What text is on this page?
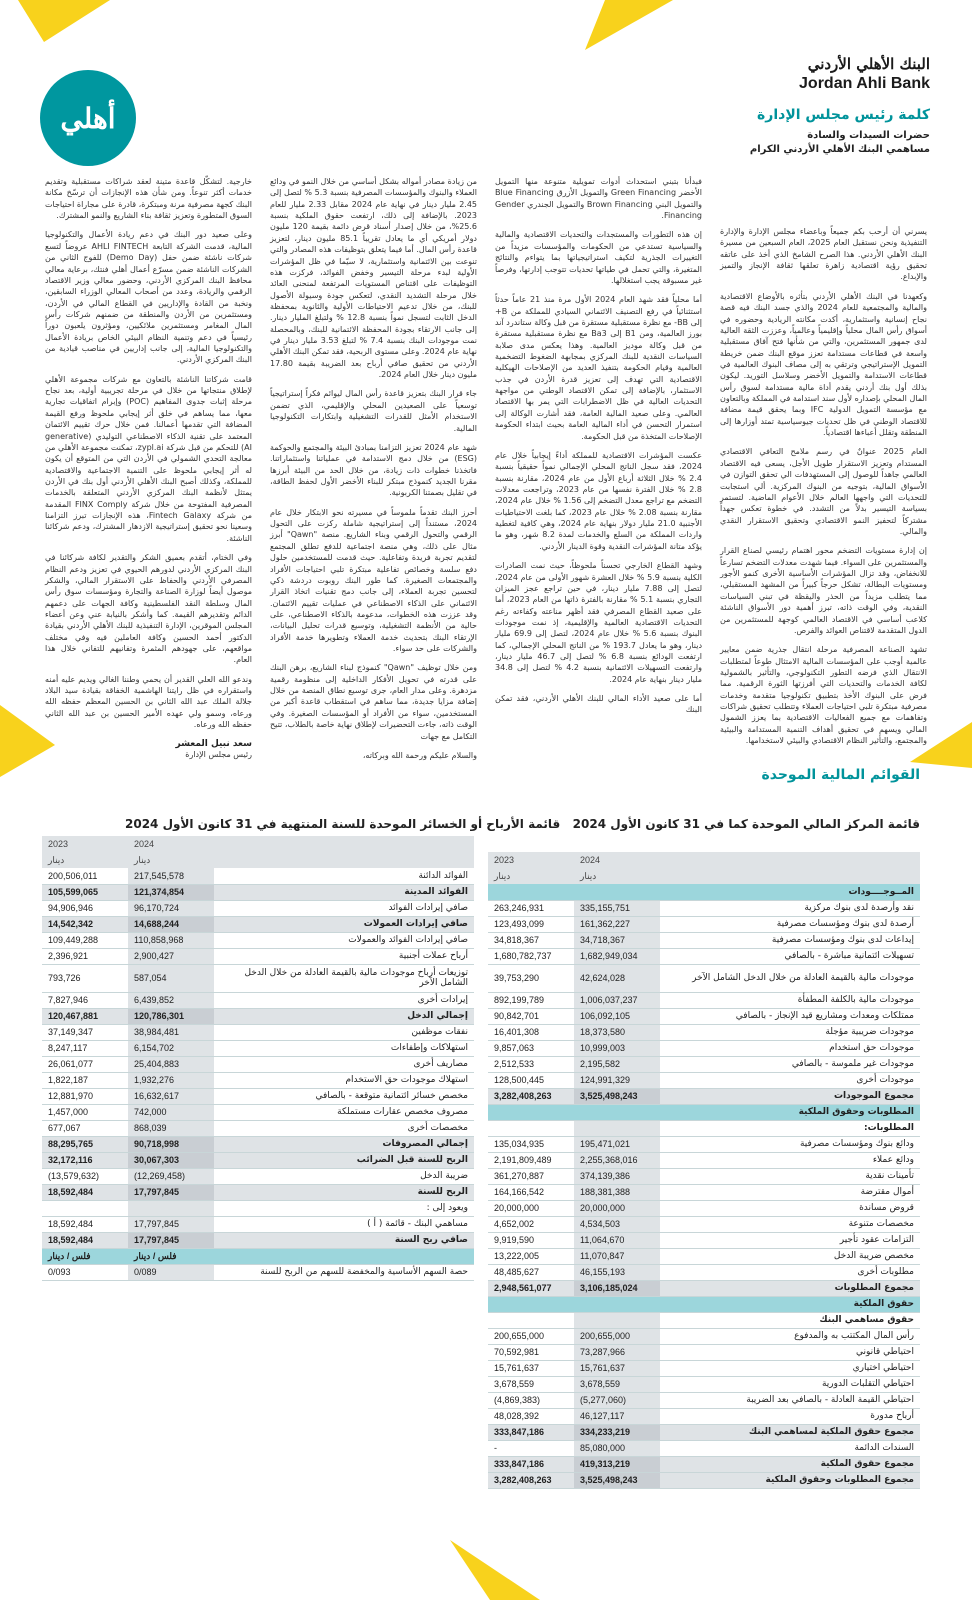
أهلي
البنك الأهلي الأردني
Jordan Ahli Bank
كلمة رئيس مجلس الإدارة
حضرات السيدات والسادة
مساهمي البنك الأهلي الأردني الكرام

يسرني أن أرحب بكم جميعاً وباعضاء مجلس الإدارة والإدارة التنفيذية ونحن نستقبل العام 2025، العام السبعين من مسيرة البنك الأهلي الأردني. هذا الصرح الشامخ الذي أخذ على عاتقه تحقيق رؤية اقتصادية زاهرة تعلقها ثقافة الإنجاز والتميز والإبداع.

وكعهدنا في البنك الأهلي الأردني بتأثره بالأوضاع الاقتصادية والمالية والمجتمعية للعام 2024 والذي جسد البنك فيه قصة نجاح إنسانية واستثمارية، أكدت مكانته الريادية وحضوره في أسواق رأس المال محلياً وإقليمياً وعالمياً، وعززت الثقة العالية لدى جمهور المستثمرين، والتي من شأنها فتح آفاق مستقبلية واسعة في قطاعات مستدامة تعزز موقع البنك ضمن خريطة التمويل الإستراتيجي وترتقي به إلى مصاف البنوك العالمية في قطاعات الاستدامة والتمويل الأخضر وسلاسل التوريد. ليكون بذلك أول بنك أردني يقدم أداة مالية مستدامة لسوق رأس المال المحلي بإصداره لأول سند استدامة في المملكة وبالتعاون مع مؤسسة التمويل الدولية IFC وبما يحقق قيمة مضافة للاقتصاد الوطني في ظل تحديات جيوسياسية تمتد أوزارها إلى المنطقة وتقلل أعباءها اقتصادياً.

العام 2025 عنوانٌ في رسم ملامح التعافي الاقتصادي المستدام وتعزيز الاستقرار طويل الأجل، يسعى فيه الاقتصاد العالمي جاهداً للوصول إلى المستهدفات الي تحقق التوازن في الأسواق المالية، بتوجيه من البنوك المركزية. ألي استجابت للتحديات التي واجهها العالم خلال الأعوام الماضية. لتستمر بسياسة التيسير بدلاً من التشدد. في خطوة تعكس جهداً مشتركاً لتحفيز النمو الاقتصادي وتحقيق الاستقرار النقدي والمالي.

إن إدارة مستويات التضخم محور اهتمام رئيسي لصناع القرار والمستثمرين على السواء. فيما شهدت معدلات التضخم تسارعاً للانخفاض، وقد تزال المؤشرات الأساسية الأخرى كنمو الأجور ومستويات البطالة، تشكل حرجاً كبيراً من المشهد المستقبلي، مما يتطلب مزيداً من الحذر واليقظة في تبني السياسات النقدية، وفي الوقت ذاته، تبرز أهمية دور الأسواق الناشئة كلاعب أساسي في الاقتصاد العالمي كوجهة للمستثمرين من الدول المتقدمة لاقتناص العوائد والفرص.

تشهد الصناعة المصرفية مرحلة انتقال جذرية ضمن معايير عالمية أوجب على المؤسسات المالية الامتثال طوعاً لمتطلبات الانتقال الذي فرضه التطور التكنولوجي، والتأثير بالشمولية لكافة الخدمات والتحديات التي أفرزتها الثورة الرقمية. مما فرض على البنوك الأخذ بتطبيق تكنولوجيا متقدمة وخدمات مصرفية مبتكرة تلبي احتياجات العملاء وتتطلب تحقيق شراكات وتفاهمات مع جميع الفعاليات الاقتصادية بما يعزز الشمول المالي ويسهم في تحقيق أهداف التنمية المستدامة والبيئية والمجتمع، والتأثير النظام الاقتصادي والبيئي لاستخدامها.

فبدأنا بتبني استحداث أدوات تمويلية متنوعة منها التمويل الأخضر Green Financing والتمويل الأزرق Blue Financing والتمويل البني Brown Financing والتمويل الجندري Gender Financing.

إن هذه التطورات والمستجدات والتحديات الاقتصادية والمالية والسياسية تستدعي من الحكومات والمؤسسات مزيداً من التغييرات الجذرية لتكيف استراتيجياتها بما يتواءم والنتائج المتغيرة، والتي تحمل في طياتها تحديات تتوجب إدارتها، وفرصاً غير مسبوقة يجب استغلالها.

أما محلياً فقد شهد العام 2024 الأول مرة منذ 21 عاماً حدثاً استثنائياً في رفع التصنيف الائتماني السيادي للمملكة من B+ إلى BB- مع نظرة مستقبلية مستقرة من قبل وكالة ستاندرد آند بورز العالمية، ومن B1 إلى Ba3 مع نظرة مستقبلية مستقرة من قبل وكالة موديز العالمية. وهذا يعكس مدى صلابة السياسات النقدية للبنك المركزي بمجابهة الضغوط التضخمية العالمية وقيام الحكومة بتنفيذ العديد من الإصلاحات الهيكلية الاقتصادية التي تهدف إلى تعزيز قدرة الأردن في جذب الاستثمار، بالإضافة إلى تمكن الاقتصاد الوطني من مواجهة التحديات العالية في ظل الاضطرابات التي يمر بها الاقتصاد العالمي. وعلى صعيد المالية العامة، فقد أشارت الوكالة إلى استمرار التحسن في أداء المالية العامة بحيث ابتداء الحكومة الإصلاحات المتخذة من قبل الحكومة.

عكست المؤشرات الاقتصادية للمملكة أداءً إيجابياً خلال عام 2024، فقد سجل الناتج المحلي الإجمالي نمواً حقيقياً بنسبة 2.4 % خلال الثلاثة أرباع الأول من عام 2024، مقارنة بنسبة 2.8 % خلال الفترة نفسها من عام 2023، وتراجعت معدلات التضخم مع تراجع معدل التضخم إلى 1.56 % خلال عام 2024، مقارنة بنسبة 2.08 % خلال عام 2023، كما بلغت الاحتياطيات الأجنبية 21.0 مليار دولار بنهاية عام 2024، وهي كافية لتغطية واردات المملكة من السلع والخدمات لمدة 8.2 شهر، وهو ما يؤكد متانة المؤشرات النقدية وقوة الدينار الأردني.

وشهد القطاع الخارجي تحسناً ملحوظاً، حيث نمت الصادرات الكلية بنسبة 5.9 % خلال العشرة شهور الأولى من عام 2024، لتصل إلى 7.88 مليار دينار، في حين تراجع عجز الميزان التجاري بنسبة 5.1 % مقارنة بالفترة ذاتها من العام 2023، أما على صعيد القطاع المصرفي فقد أظهر مناعته وكفاءته رغم التحديات الاقتصادية العالمية والإقليمية، إذ نمت موجودات البنوك بنسبة 5.6 % خلال عام 2024، لتصل إلى 69.9 مليار دينار، وهو ما يعادل 193.7 % من الناتج المحلي الإجمالي، كما ارتفعت الودائع بنسبة 6.8 % لتصل إلى 46.7 مليار دينار، وارتفعت التسهيلات الائتمانية بنسبة 4.2 % لتصل إلى 34.8 مليار دينار بنهاية عام 2024.

أما على صعيد الأداء المالي للبنك الأهلي الأردني، فقد تمكن البنك

من زيادة مصادر أمواله بشكل أساسي من خلال النمو في ودائع العملاء والبنوك والمؤسسات المصرفية بنسبة 5.3 % لتصل إلى 2.45 مليار دينار في نهاية عام 2024 مقابل 2.33 مليار للعام 2023. بالإضافة إلى ذلك، ارتفعت حقوق الملكية بنسبة 25.6%، من خلال إصدار أسناد قرض دائمة بقيمة 120 مليون دولار أمريكي أي ما يعادل تقريباً 85.1 مليون دينار، لتعزيز قاعدة رأس المال. أما فيما يتعلق بتوظيفات هذه المصادر والتي تنوعت بين الائتمانية واستثمارية، لا سيّما في ظل المؤشرات الأولية لبدء مرحلة التيسير وخفض الفوائد، فركزت هذه التوظيفات على اقتناص المستويات المرتفعة لمنحنى العائد خلال مرحلة التشديد النقدي، لتعكس جودة وسيولة الأصول للبنك، من خلال تدعيم الاحتياطات الأولية والثانوية بمحفظة الدخل الثابت لتسجل نمواً بنسبة 12.8 % ولتبلغ المليار دينار. إلى جانب الارتقاء بجودة المحفظة الائتمانية للبنك، وبالمحصلة نمت موجودات البنك بنسبة 7.4 % لتبلغ 3.53 مليار دينار في نهاية عام 2024. وعلى مستوى الربحية، فقد تمكن البنك الأهلي الأردني من تحقيق صافي أرباح بعد الضريبة بقيمة 17.80 مليون دينار خلال العام 2024.

جاء قرار البنك بتعزيز قاعدة رأس المال ليوائم فكراً إستراتيجياً توسعياً على الصعيدين المحلي والإقليمي، الذي تضمن الاستخدام الأمثل للقدرات التشغيلية وابتكارات التكنولوجيا المالية.

شهد عام 2024 تعزيز التزامنا بمبادئ البيئة والمجتمع والحوكمة (ESG) من خلال دمج الاستدامة في عملياتنا واستثماراتنا. فاتخذنا خطوات ذات زيادة، من خلال الحد من البيئة أبرزها مقرنا الجديد كنموذج مبتكر للبناء الأخضر الأول لحفظ الطاقة، في تقليل بصمتنا الكربونية.

أحرز البنك تقدماً ملموساً في مسيرته نحو الابتكار خلال عام 2024، مستنداً إلى إستراتيجية شاملة ركزت على التحول الرقمي والتحول الرقمي وبناء الشاريع. منصة "Qawn" أبرز مثال على ذلك، وهي منصة اجتماعية للدفع تطلق المجتمع لتقديم تجربة فريدة وتفاعلية. حيث قدمت للمستخدمين حلول دفع سلسة وخصائص تفاعلية مبتكرة تلبي احتياجات الأفراد والمجتمعات الصغيرة. كما طور البنك روبوت دردشة ذكي لتحسين تجربة العملاء، إلى جانب دمج تقنيات اتخاذ القرار الائتماني على الذكاء الاصطناعي في عمليات تقييم الائتمان. وقد عززت هذه الخطوات، مدعومة بالذكاء الاصطناعي، على حالية من الأنظمة التشغيلية، وتوسيع قدرات تحليل البيانات، الإرتقاء البنك بتحديث خدمة العملاء وتطويرها خدمة الأفراد والشركات على حد سواء.

ومن خلال توظيف "Qawn" كنموذج لبناء الشاريع، برهن البنك على قدرته في تحويل الأفكار الداخلية إلى منظومة رقمية مزدهرة. وعلى مدار العام، جرى توسيع نطاق المنصة من خلال إضافة مزايا جديدة، مما ساهم في استقطاب قاعدة أكبر من المستخدمين، سواء من الأفراد أو المؤسسات الصغيرة. وفي الوقت ذاته، جاءت التحضيرات لإطلاق نهاية خاصة بالطلاب، تتيح التكامل مع جهات

والسلام عليكم ورحمة الله وبركاته،

خارجية. لتشكّل قاعدة متينة لعقد شراكات مستقبلية وتقديم خدمات أكثر تنوعاً. ومن شأن هذه الإنجازات أن ترسّخ مكانة البنك كجهة مصرفية مرنة ومبتكرة، قادرة على مجاراة احتياجات السوق المتطورة وتعزيز ثقافة بناء الشاريع والنمو المشترك.

وعلى صعيد دور البنك في دعم ريادة الأعمال والتكنولوجيا المالية، قدمت الشركة التابعة AHLI FINTECH عروضاً لتسع شركات ناشئة ضمن حفل (Demo Day) للفوج الثاني من الشركات الناشئة ضمن مسرّع أعمال أهلي فنتك، برعاية معالي محافظ البنك المركزي الأردني، وحضور معالي وزير الاقتصاد الرقمي والريادة، وعدد من أصحاب المعالي الوزراء السابقين، ونخبة من القادة والإداريين في القطاع المالي في الأردن، ومستثمرين من الأردن والمنطقة من ضمنهم شركات رأس المال المغامر ومستثمرين ملائكيين، ومؤثرون يلعبون دوراً رئيسياً في دعم وتنمية النظام البيئي الخاص بريادة الأعمال والتكنولوجيا المالية، إلى جانب إداريين في مناصب قيادية من البنك المركزي الأردني.

قامت شركاتنا الناشئة بالتعاون مع شركات مجموعة الأهلي لإطلاق منتجاتها من خلال في مرحلة تجريبية أولية، بعد نجاح مرحلة إثبات جدوى المفاهيم (POC) وإبرام اتفاقيات تجارية معها، مما يساهم في خلق أثر إيجابي ملحوظ ورفع القيمة المضافة التي تقدمها أعمالنا. فمن خلال حرك تقييم الائتمان المعتمد على تقنية الذكاء الاصطناعي التوليدي (generative AI) للتحكم من قبل شركة zypl.ai، تمكنت مجموعة الأهلي من معالجة التحدي الشمولي في الأردن التي من المتوقع أن يكون له أثر إيجابي ملحوظ على التنمية الاجتماعية والاقتصادية للمملكة، وكذلك أصبح البنك الأهلي الأردني أول بنك في الأردن يمتثل لأنظمة البنك المركزي الأردني المتعلقة بالخدمات المصرفية المفتوحة من خلال شركة FINX Comply المقدمة من شركة Fintech Galaxy، هذه الإنجازات تبرز التزامنا وسعينا نحو تحقيق إستراتيجية الازدهار المشترك، ودعم شركائنا الناشئة.

وفي الختام، أتقدم بعميق الشكر والتقدير لكافة شركائنا في البنك المركزي الأردني لدورهم الحيوي في تعزيز ودعم النظام المصرفي الأردني والحفاظ على الاستقرار المالي، والشكر موصول أيضاً لوزارة الصناعة والتجارة ومؤسسات سوق رأس المال وسلطة النقد الفلسطينية وكافة الجهات على دعمهم الدائم وتقديرهم القيمة. كما وأشكر بالنيابة عني وعن أعضاء المجلس الموقرين، الإدارة التنفيذية للبنك الأهلي الأردني بقيادة الدكتور أحمد الحسين وكافة العاملين فيه وفي مختلف مواقعهم، على جهودهم المثمرة وتفانيهم للتفاني خلال هذا العام.

وندعو الله العلي القدير أن يحمي وطننا الغالي ويديم عليه أمنه واستقراره في ظل رايتنا الهاشمية الخفاقة بقيادة سيد البلاد جلالة الملك عبد الله الثاني بن الحسين المعظم حفظه الله ورعاه، وسمو ولي عهده الأمير الحسين بن عبد الله الثاني حفظه الله ورعاه.

سعد نبيل المعشر
رئيس مجلس الإدارة
القوائم المالية الموحدة
قائمة المركز المالي الموحدة كما في 31 كانون الأول 2024
قائمة الأرباح أو الخسائر الموحدة للسنة المنتهية في 31 كانون الأول 2024
	2024	2023
	دينار	دينار
المــوجــــودات		
نقد وأرصدة لدى بنوك مركزية	335,155,751	263,246,931
أرصدة لدى بنوك ومؤسسات مصرفية	161,362,227	123,493,099
إيداعات لدى بنوك ومؤسسات مصرفية	34,718,367	34,818,367
تسهيلات ائتمانية مباشرة - بالصافي	1,682,949,034	1,680,782,737
موجودات مالية بالقيمة العادلة من خلال الدخل الشامل الآخر	42,624,028	39,753,290
موجودات مالية بالكلفة المطفأة	1,006,037,237	892,199,789
ممتلكات ومعدات ومشاريع قيد الإنجاز - بالصافي	106,092,105	90,842,701
موجودات ضريبية مؤجلة	18,373,580	16,401,308
موجودات حق استخدام	10,999,003	9,857,063
موجودات غير ملموسة - بالصافي	2,195,582	2,512,533
موجودات أخرى	124,991,329	128,500,445
مجموع الموجودات	3,525,498,243	3,282,408,263
المطلوبات وحقوق الملكية		
المطلوبات:		
ودائع بنوك ومؤسسات مصرفية	195,471,021	135,034,935
ودائع عملاء	2,255,368,016	2,191,809,489
تأمينات نقدية	374,139,386	361,270,887
أموال مقترضة	188,381,388	164,166,542
قروض مساندة	20,000,000	20,000,000
مخصصات متنوعة	4,534,503	4,652,002
التزامات عقود تأجير	11,064,670	9,919,590
مخصص ضريبة الدخل	11,070,847	13,222,005
مطلوبات أخرى	46,155,193	48,485,627
مجموع المطلوبات	3,106,185,024	2,948,561,077
حقوق الملكية		
حقوق مساهمي البنك		
رأس المال المكتتب به والمدفوع	200,655,000	200,655,000
احتياطي قانوني	73,287,966	70,592,981
احتياطي اختياري	15,761,637	15,761,637
احتياطي التقلبات الدورية	3,678,559	3,678,559
احتياطي القيمة العادلة - بالصافي بعد الضريبة	(5,277,060)	(4,869,383)
أرباح مدورة	46,127,117	48,028,392
مجموع حقوق الملكية لمساهمي البنك	334,233,219	333,847,186
السندات الدائمة	85,080,000	-
مجموع حقوق الملكية	419,313,219	333,847,186
مجموع المطلوبات وحقوق الملكية	3,525,498,243	3,282,408,263
	2024	2023
	دينار	دينار
الفوائد الدائنة	217,545,578	200,506,011
الفوائد المدينة	121,374,854	105,599,065
صافي إيرادات الفوائد	96,170,724	94,906,946
صافي إيرادات العمولات	14,688,244	14,542,342
صافي إيرادات الفوائد والعمولات	110,858,968	109,449,288
أرباح عملات أجنبية	2,900,427	2,396,921
توزيعات أرباح موجودات مالية بالقيمة العادلة من خلال الدخل الشامل الآخر	587,054	793,726
إيرادات أخرى	6,439,852	7,827,946
إجمالي الدخل	120,786,301	120,467,881
نفقات موظفين	38,984,481	37,149,347
استهلاكات وإطفاءات	6,154,702	8,247,117
مصاريف أخرى	25,404,883	26,061,077
استهلاك موجودات حق الاستخدام	1,932,276	1,822,187
مخصص خسائر ائتمانية متوقعة - بالصافي	16,632,617	12,881,970
مصروف مخصص عقارات مستملكة	742,000	1,457,000
مخصصات أخرى	868,039	677,067
إجمالي المصروفات	90,718,998	88,295,765
الربح للسنة قبل الضرائب	30,067,303	32,172,116
ضريبة الدخل	(12,269,458)	(13,579,632)
الربح للسنة	17,797,845	18,592,484
ويعود إلى :		
مساهمي البنك - قائمة ( أ )	17,797,845	18,592,484
صافي ربح السنة	17,797,845	18,592,484
	فلس / دينار	فلس / دينار
حصة السهم الأساسية والمخفضة للسهم من الربح للسنة	0/089	0/093
